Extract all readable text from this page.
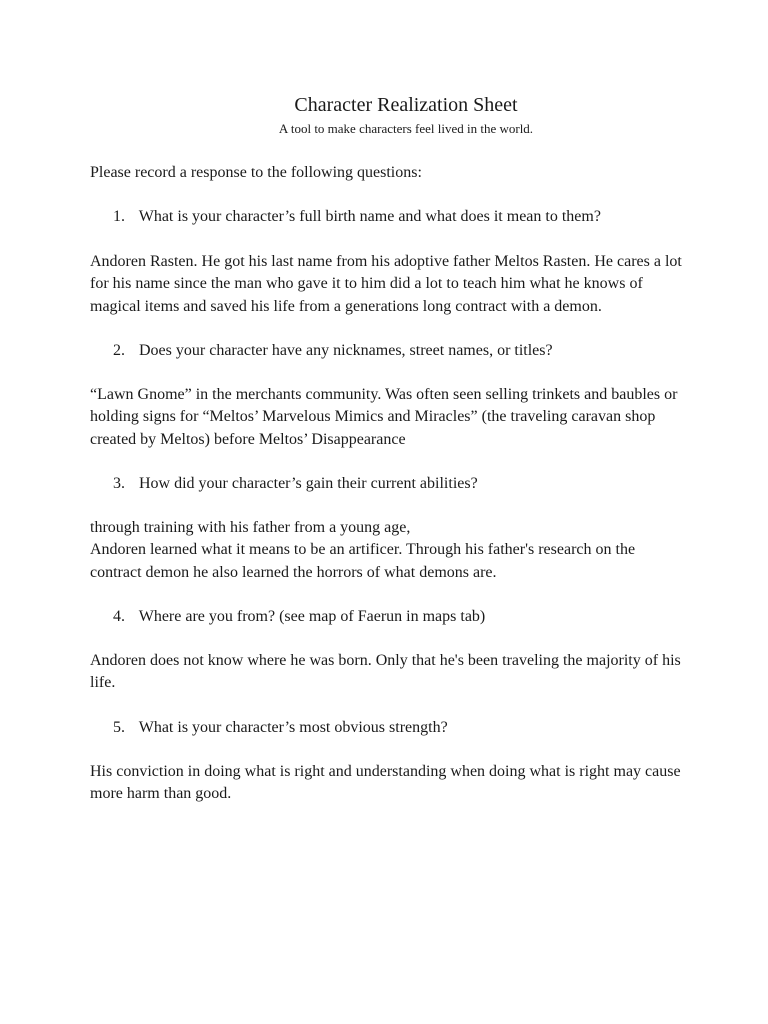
Character Realization Sheet
A tool to make characters feel lived in the world.

Please record a response to the following questions:

1. What is your character’s full birth name and what does it mean to them?
Andoren Rasten. He got his last name from his adoptive father Meltos Rasten. He cares a lot for his name since the man who gave it to him did a lot to teach him what he knows of magical items and saved his life from a generations long contract with a demon.
2. Does your character have any nicknames, street names, or titles?
“Lawn Gnome” in the merchants community. Was often seen selling trinkets and baubles or holding signs for “Meltos’ Marvelous Mimics and Miracles” (the traveling caravan shop created by Meltos) before Meltos’ Disappearance
3. How did your character’s gain their current abilities?
through training with his father from a young age,
Andoren learned what it means to be an artificer. Through his father's research on the contract demon he also learned the horrors of what demons are.
4. Where are you from? (see map of Faerun in maps tab)
Andoren does not know where he was born. Only that he's been traveling the majority of his life.
5. What is your character’s most obvious strength?
His conviction in doing what is right and understanding when doing what is right may cause more harm than good.
